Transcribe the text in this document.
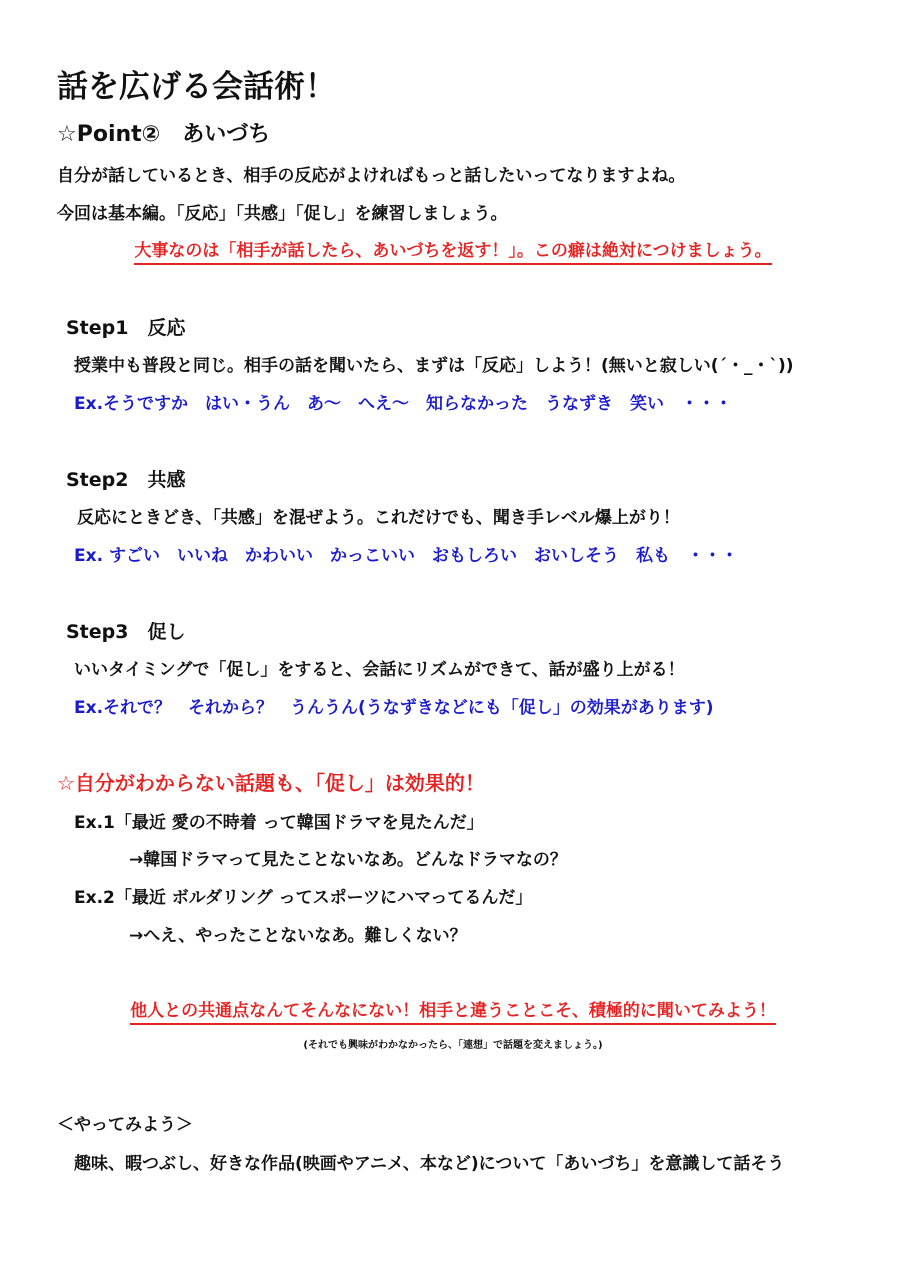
話を広げる会話術！
☆Point②　あいづち
自分が話しているとき、相手の反応がよければもっと話したいってなりますよね。
今回は基本編。「反応」「共感」「促し」を練習しましょう。
大事なのは「相手が話したら、あいづちを返す！」。この癖は絶対につけましょう。
Step1　反応
授業中も普段と同じ。相手の話を聞いたら、まずは「反応」しよう！(無いと寂しい(´・_・`))
Ex.そうですか　はい・うん　あ～　へえ～　知らなかった　うなずき　笑い　・・・
Step2　共感
反応にときどき、「共感」を混ぜよう。これだけでも、聞き手レベル爆上がり！
Ex. すごい　いいね　かわいい　かっこいい　おもしろい　おいしそう　私も　・・・
Step3　促し
いいタイミングで「促し」をすると、会話にリズムができて、話が盛り上がる！
Ex.それで？　それから？　うんうん(うなずきなどにも「促し」の効果があります)
☆自分がわからない話題も、「促し」は効果的！
Ex.1「最近 愛の不時着 って韓国ドラマを見たんだ」
→韓国ドラマって見たことないなあ。どんなドラマなの？
Ex.2「最近 ボルダリング ってスポーツにハマってるんだ」
→へえ、やったことないなあ。難しくない？
他人との共通点なんてそんなにない！相手と違うことこそ、積極的に聞いてみよう！
(それでも興味がわかなかったら、「連想」で話題を変えましょう。)
＜やってみよう＞
趣味、暇つぶし、好きな作品(映画やアニメ、本など)について「あいづち」を意識して話そう
